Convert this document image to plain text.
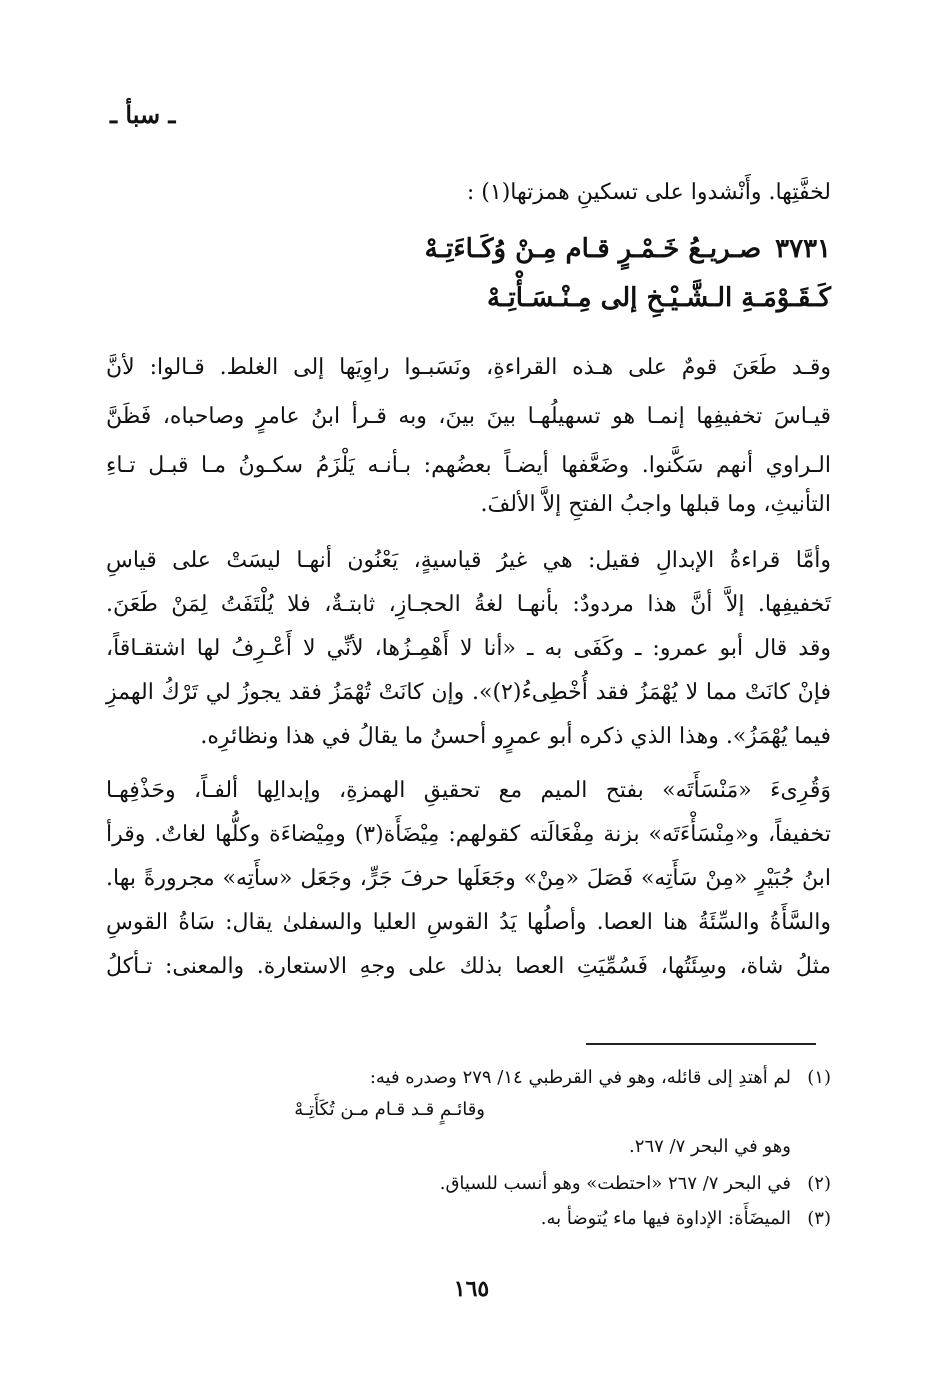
ـ سبأ ـ
لخفَّتِها. وأَنْشدوا على تسكينِ همزتها(١) :
٣٧٣١صـريـعُ خَـمْـرٍ قـام مِـنْ وُكَـاءَتِـهْ
كَـقَـوْمَـةِ الـشَّـيْـخِ إلى مِـنْـسَـأْتِـهْ
وقـد طَعَنَ قومٌ على هـذه القراءةِ، ونَسَبـوا راوِيَها إلى الغلط. قـالوا: لأنَّ
قيـاسَ تخفيفِها إنمـا هو تسهيلُهـا بينَ بينَ، وبه قـرأ ابنُ عامرٍ وصاحباه، فَظَنَّ
الـراوي أنهم سَكَّنوا. وضَعَّفها أيضـاً بعضُهم: بـأنـه يَلْزَمُ سكـونُ مـا قبـل تـاءِ
التأنيثِ، وما قبلها واجبُ الفتحِ إلاَّ الألفَ.
وأمَّا قراءةُ الإبدالِ فقيل: هي غيرُ قياسيةٍ، يَعْنُون أنهـا ليسَتْ على قياسِ
تَخفيفِها. إلاَّ أنَّ هذا مردودٌ: بأنهـا لغةُ الحجـازِ، ثابتـةٌ، فلا يُلْتَفَتُ لِمَنْ طَعَنَ.
وقد قال أبو عمرو: ـ وكَفَى به ـ «أنا لا أَهْمِـزُها، لأنِّي لا أَعْـرِفُ لها اشتقـاقاً،
فإنْ كانَتْ مما لا يُهْمَزُ فقد أُخْطِىءُ(٢)». وإن كانَتْ تُهْمَزُ فقد يجوزُ لي تَرْكُ الهمزِ
فيما يُهْمَزُ». وهذا الذي ذكره أبو عمرٍو أحسنُ ما يقالُ في هذا ونظائرِه.
وَقُرِىءَ «مَنْسَأَتَه» بفتح الميم مع تحقيقِ الهمزةِ، وإبدالِها ألفـاً، وحَذْفِهـا
تخفيفاً، و«مِنْسَأْءَتَه» بزنة مِفْعَالَته كقولهم: مِيْضَأَة(٣) ومِيْضاءَة وكلُّها لغاتٌ. وقرأ
ابنُ جُبَيْرٍ «مِنْ سَأَتِه» فَصَلَ «مِنْ» وجَعَلَها حرفَ جَرٍّ، وجَعَل «سأَتِه» مجرورةً بها.
والسَّأَةُ والسِّئَةُ هنا العصا. وأصلُها يَدُ القوسِ العليا والسفلىٰ يقال: سَاةُ القوسِ
مثلُ شاة، وسِئَتُها، فَسُمِّيَتِ العصا بذلك على وجهِ الاستعارة. والمعنى: تـأكلُ
(١)لم أهتدِ إلى قائله، وهو في القرطبي ١٤/ ٢٧٩ وصدره فيه:
وقائـمٍ قـد قـام مـن تُكَأَتِـهْ
وهو في البحر ٧/ ٢٦٧.
(٢)في البحر ٧/ ٢٦٧ «احتطت» وهو أنسب للسياق.
(٣)الميضَأَة: الإداوة فيها ماء يُتوضأ به.
١٦٥
